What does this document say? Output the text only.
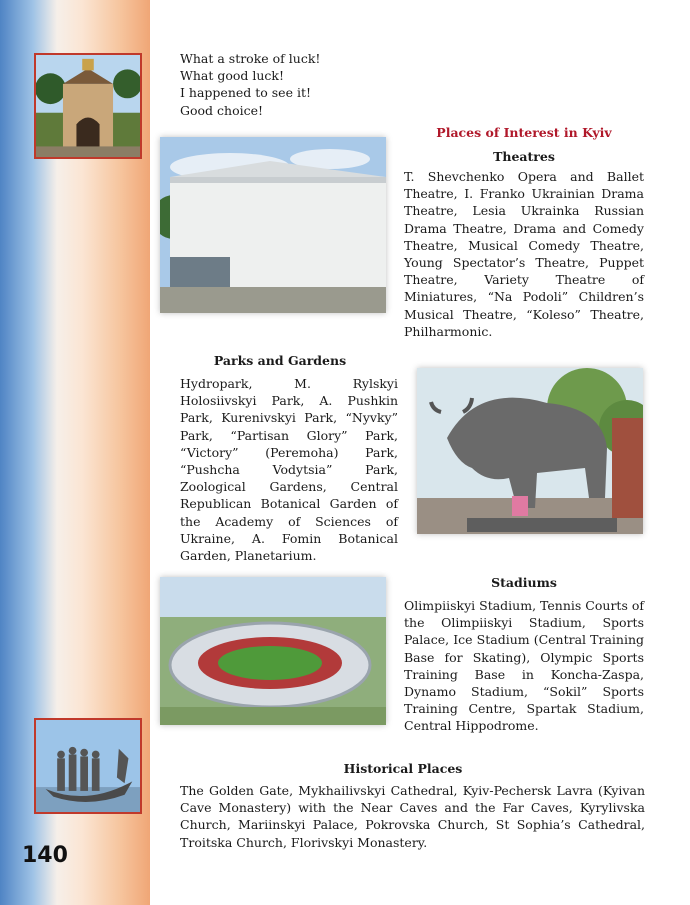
140
What a stroke of luck!
What good luck!
I happened to see it!
Good choice!
Places of Interest in Kyiv
Theatres
T. Shevchenko Opera and Ballet Theatre, I. Franko Ukrainian Drama Theatre, Lesia Ukrainka Russian Drama Theatre, Drama and Comedy Theatre, Musical Comedy Theatre, Young Spectator’s Theatre, Puppet Theatre, Variety Theatre of Miniatures, “Na Podoli” Children’s Musical Theatre, “Koleso” Theatre, Philharmonic.
Parks and Gardens
Hydropark, M. Rylskyi Holosiivskyi Park, A. Pushkin Park, Kurenivskyi Park, “Nyvky” Park, “Partisan Glory” Park, “Victory” (Peremoha) Park, “Pushcha Vodytsia” Park, Zoological Gardens, Central Republican Botanical Garden of the Academy of Sciences of Ukraine, A. Fomin Botanical Garden, Planetarium.
Stadiums
Olimpiiskyi Stadium, Tennis Courts of the Olimpiiskyi Stadium, Sports Palace, Ice Stadium (Central Training Base for Skating), Olympic Sports Training Base in Koncha-Zaspa, Dynamo Stadium, “Sokil” Sports Training Centre, Spartak Stadium, Central Hippodrome.
Historical Places
The Golden Gate, Mykhailivskyi Cathedral, Kyiv-Pechersk Lavra (Kyivan Cave Monastery) with the Near Caves and the Far Caves, Kyrylivska Church, Mariinskyi Palace, Pokrovska Church, St Sophia’s Cathedral, Troitska Church, Florivskyi Monastery.
